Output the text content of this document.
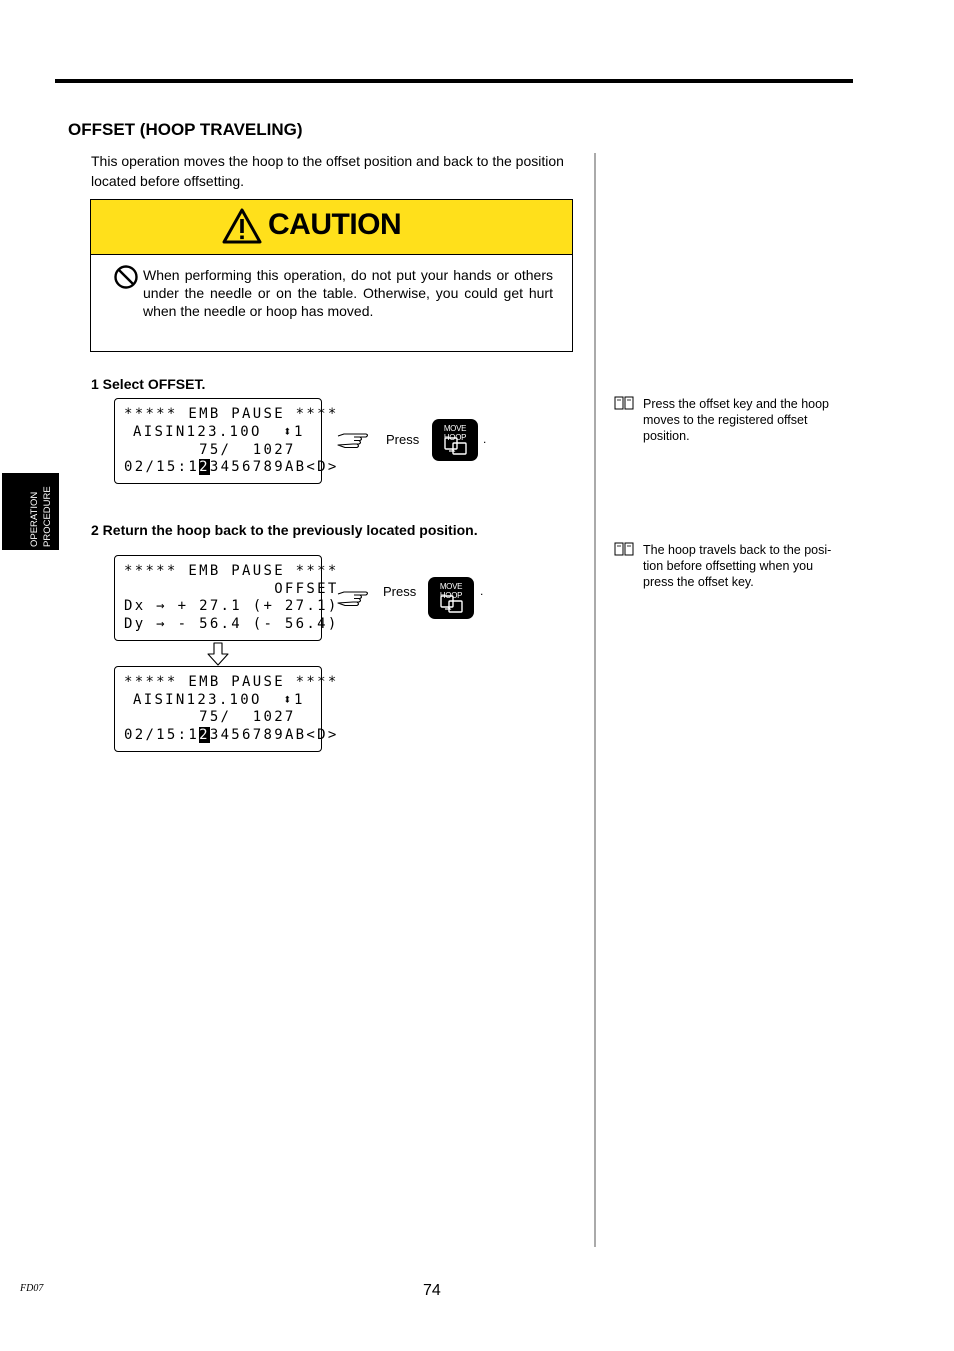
OFFSET (HOOP TRAVELING)
This operation moves the hoop to the offset position and back to the position located before offsetting.
CAUTION
When performing this operation, do not put your hands or others under the needle or on the table. Otherwise, you could get hurt when the needle or hoop has moved.
1 Select OFFSET.
***** EMB PAUSE ****
AISIN123.10O  ⬍1
75/  1027
02/15:123456789AB<D>
Press
MOVE HOOP	.
Press the offset key and the hoop moves to the registered offset position.
2 Return the hoop back to the previously located position.
***** EMB PAUSE ****
OFFSET
Dx → + 27.1 (+ 27.1)
Dy → - 56.4 (- 56.4)
***** EMB PAUSE ****
AISIN123.10O  ⬍1
75/  1027
02/15:123456789AB<D>
Press	MOVE HOOP	.
The hoop travels back to the posi-tion before offsetting when you press the offset key.
OPERATION PROCEDURE
FD07	74
